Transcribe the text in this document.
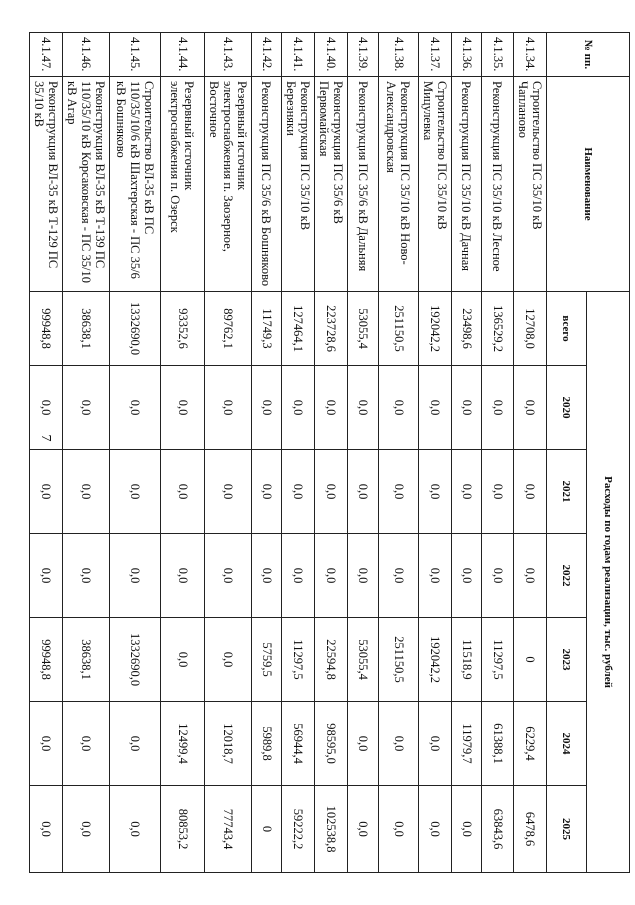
7
№ пп.	Наименование	Расходы по годам реализации, тыс. рублей						
		всего	2020	2021	2022	2023	2024	2025
4.1.34.	Строительство ПС 35/10 кВ Чапланово	12708,0	0,0	0,0	0,0	0	6229,4	6478,6
4.1.35.	Реконструкция ПС 35/10 кВ Лесное	136529,2	0,0	0,0	0,0	11297,5	61388,1	63843,6
4.1.36.	Реконструкция ПС 35/10 кВ Дачная	23498,6	0,0	0,0	0,0	11518,9	11979,7	0,0
4.1.37.	Строительство ПС 35/10 кВ Мицулевка	192042,2	0,0	0,0	0,0	192042,2	0,0	0,0
4.1.38.	Реконструкция ПС 35/10 кВ Ново-Александровская	251150,5	0,0	0,0	0,0	251150,5	0,0	0,0
4.1.39.	Реконструкция ПС 35/6 кВ Дальняя	53055,4	0,0	0,0	0,0	53055,4	0,0	0,0
4.1.40.	Реконструкция ПС 35/6 кВ Первомайская	223728,6	0,0	0,0	0,0	22594,8	98595,0	102538,8
4.1.41.	Реконструкция ПС 35/10 кВ Березняки	127464,1	0,0	0,0	0,0	11297,5	56944,4	59222,2
4.1.42.	Реконструкция ПС 35/6 кВ Бошняково	11749,3	0,0	0,0	0,0	5759,5	5989,8	0
4.1.43.	Резервный источник электроснабжения п. Заозерное, Восточное	89762,1	0,0	0,0	0,0	0,0	12018,7	77743,4
4.1.44.	Резервный источник электроснабжения п. Озерск	93352,6	0,0	0,0	0,0	0,0	12499,4	80853,2
4.1.45.	Строительство ВЛ-35 кВ ПС 110/35/10/6 кВ Шахтерская - ПС 35/6 кВ Бошняково	1332690,0	0,0	0,0	0,0	1332690,0	0,0	0,0
4.1.46.	Реконструкция ВЛ-35 кВ Т-139 ПС 110/35/10 кВ Корсаковская - ПС 35/10 кВ Агар	38638,1	0,0	0,0	0,0	38638,1	0,0	0,0
4.1.47.	Реконструкция ВЛ-35 кВ Т-129 ПС 35/10 кВ	99948,8	0,0	0,0	0,0	99948,8	0,0	0,0
